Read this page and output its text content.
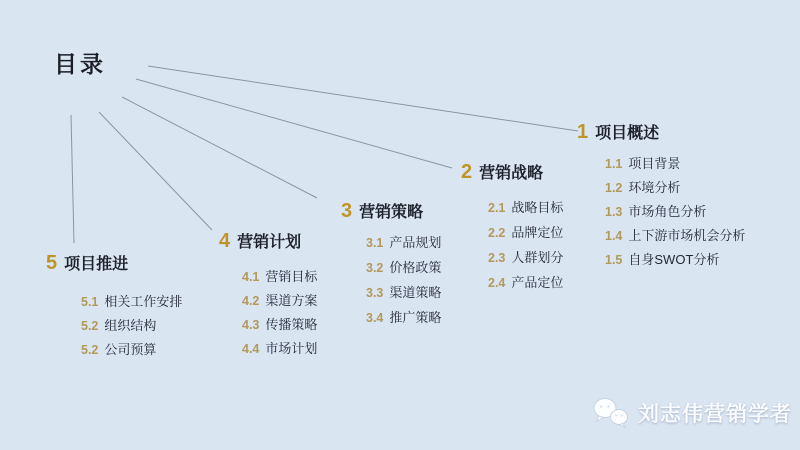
目录
1 项目概述
1.1 项目背景
1.2 环境分析
1.3 市场角色分析
1.4 上下游市场机会分析
1.5 自身SWOT分析
2 营销战略
2.1 战略目标
2.2 品牌定位
2.3 人群划分
2.4 产品定位
3 营销策略
3.1 产品规划
3.2 价格政策
3.3 渠道策略
3.4 推广策略
4 营销计划
4.1 营销目标
4.2 渠道方案
4.3 传播策略
4.4 市场计划
5 项目推进
5.1 相关工作安排
5.2 组织结构
5.2 公司预算
刘志伟营销学者
